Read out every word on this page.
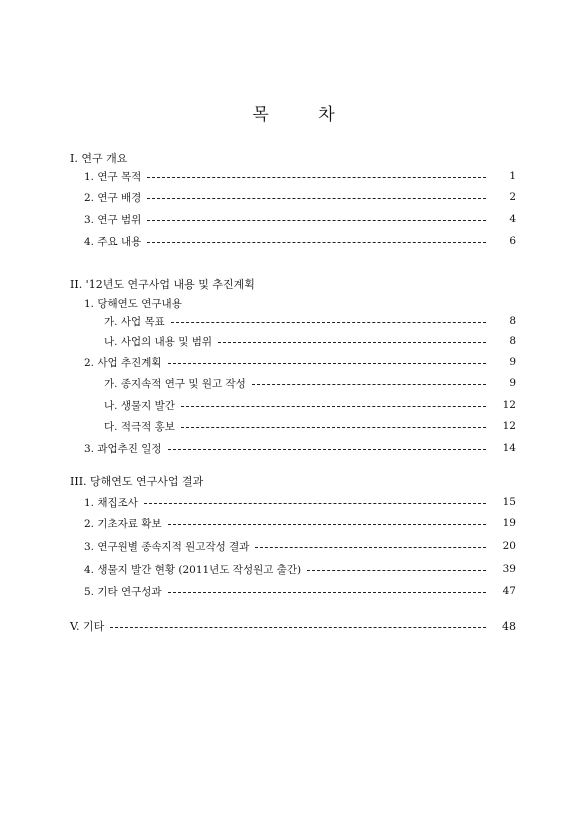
목 차
I. 연구 개요
1. 연구 목적	1
2. 연구 배경	2
3. 연구 범위	4
4. 주요 내용	6
II. '12년도 연구사업 내용 및 추진계획
1. 당해연도 연구내용
가. 사업 목표	8
나. 사업의 내용 및 범위	8
2. 사업 추진계획	9
가. 종지속적 연구 및 원고 작성	9
나. 생물지 발간	12
다. 적극적 홍보	12
3. 과업추진 일정	14
III. 당해연도 연구사업 결과
1. 채집조사	15
2. 기초자료 확보	19
3. 연구원별 종속지적 원고작성 결과	20
4. 생물지 발간 현황 (2011년도 작성원고 출간)	39
5. 기타 연구성과	47
V. 기타	48
